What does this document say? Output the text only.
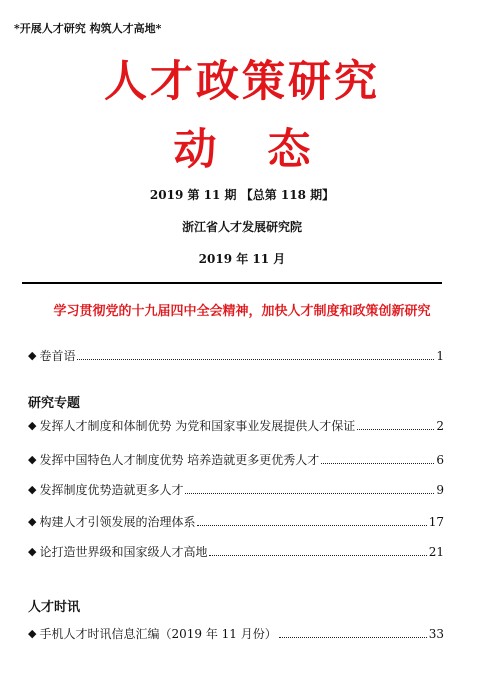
*开展人才研究 构筑人才高地*
人才政策研究
动 态
2019 第 11 期 【总第 118 期】
浙江省人才发展研究院
2019 年 11 月
学习贯彻党的十九届四中全会精神，加快人才制度和政策创新研究
◆ 卷首语	1
研究专题
◆ 发挥人才制度和体制优势 为党和国家事业发展提供人才保证	2
◆ 发挥中国特色人才制度优势 培养造就更多更优秀人才	6
◆ 发挥制度优势造就更多人才	9
◆ 构建人才引领发展的治理体系	17
◆ 论打造世界级和国家级人才高地	21
人才时讯
◆ 手机人才时讯信息汇编（2019 年 11 月份）	33
